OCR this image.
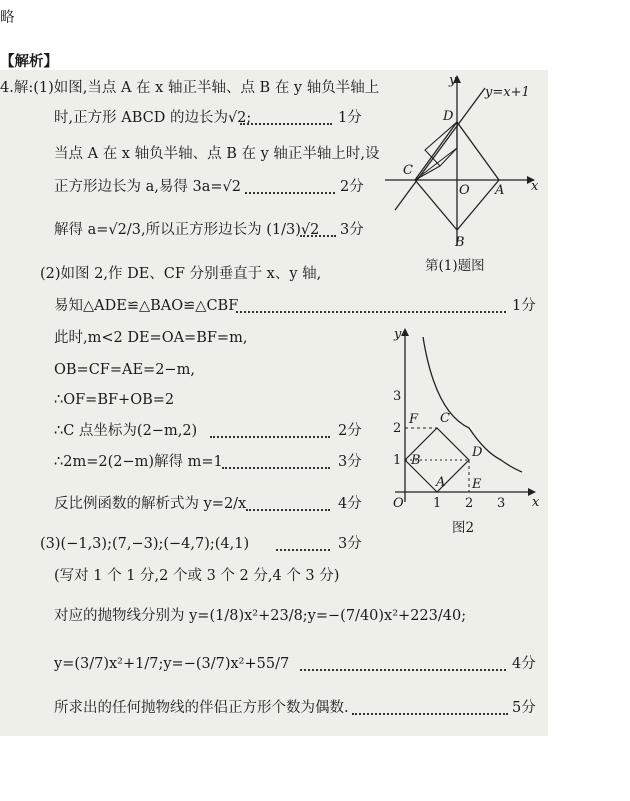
略
【解析】
4.解:(1)如图,当点 A 在 x 轴正半轴、点 B 在 y 轴负半轴上
时,正方形 ABCD 的边长为√2;	1分
当点 A 在 x 轴负半轴、点 B 在 y 轴正半轴上时,设
正方形边长为 a,易得 3a=√2	2分
解得 a=√2/3,所以正方形边长为 (1/3)√2 3分
y=x+1
y
x
D
C
O A
B
第(1)题图
(2)如图 2,作 DE、CF 分别垂直于 x、y 轴,
易知△ADE≌△BAO≌△CBF	1分
此时,m<2 DE=OA=BF=m,
OB=CF=AE=2−m,
∴OF=BF+OB=2
∴C 点坐标为(2−m,2)	2分
∴2m=2(2−m)解得 m=1	3分
反比例函数的解析式为 y=2/x	4分
y
x
3
2
1
1 2 3
O
F C
B
D
A E
图2
(3)(−1,3);(7,−3);(−4,7);(4,1)	3分
(写对 1 个 1 分,2 个或 3 个 2 分,4 个 3 分)
对应的抛物线分别为 y=(1/8)x²+23/8;y=−(7/40)x²+223/40;
y=(3/7)x²+1/7;y=−(3/7)x²+55/7	4分
所求出的任何抛物线的伴侣正方形个数为偶数.	5分
